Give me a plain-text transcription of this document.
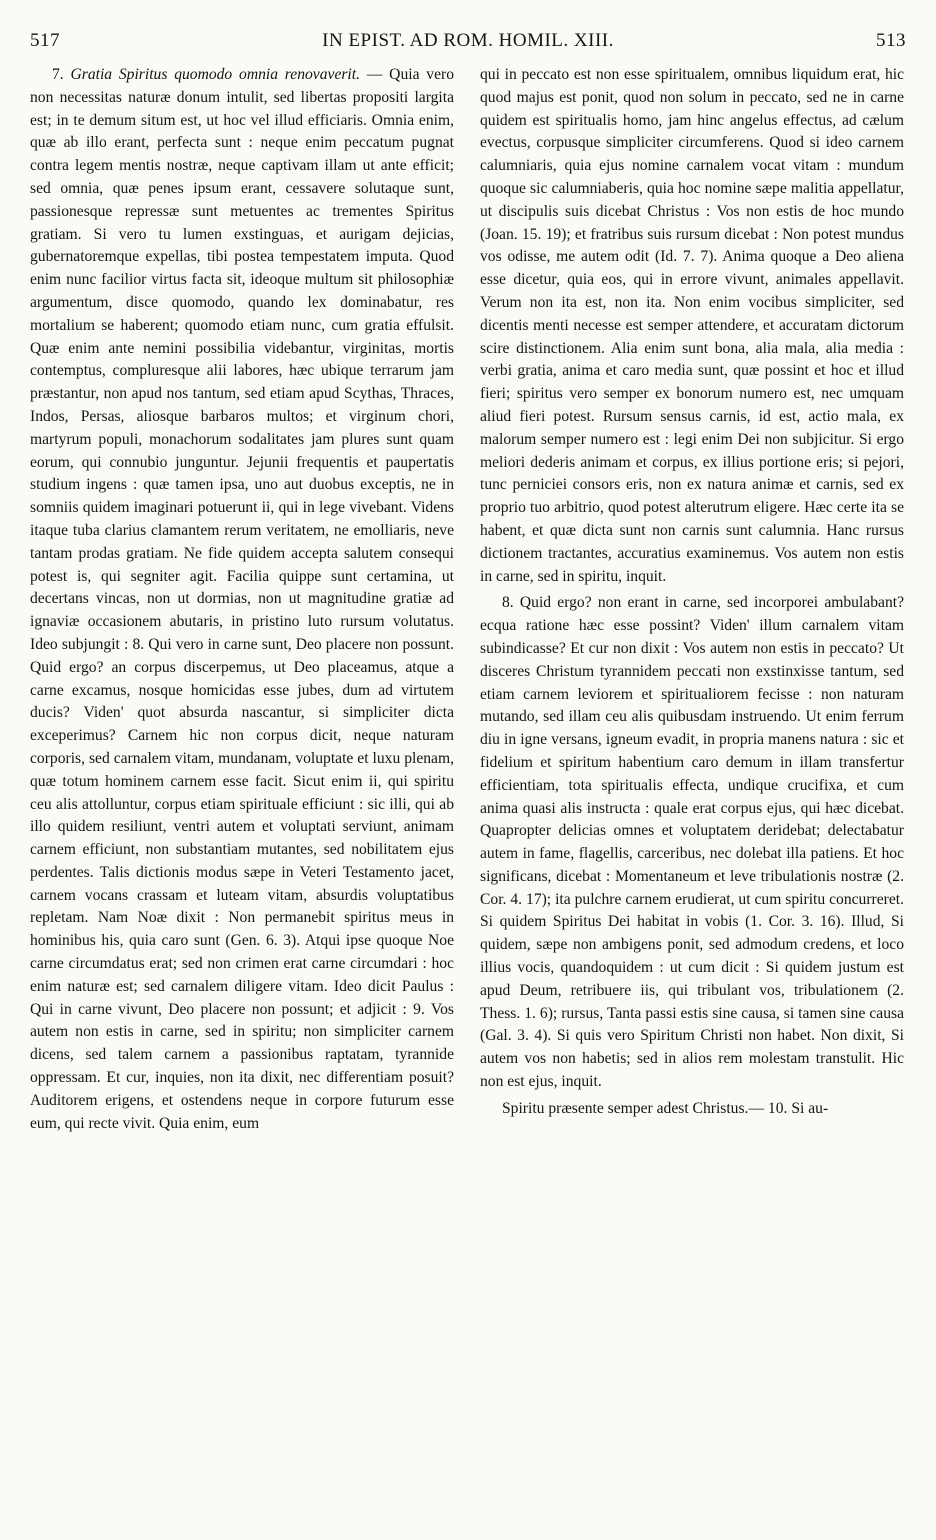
517	IN EPIST. AD ROM. HOMIL. XIII.	513

7. Gratia Spiritus quomodo omnia renovaverit. — Quia vero non necessitas naturæ donum intulit, sed libertas propositi largita est; in te demum situm est, ut hoc vel illud efficiaris. Omnia enim, quæ ab illo erant, perfecta sunt : neque enim peccatum pugnat contra legem mentis nostræ, neque captivam illam ut ante efficit; sed omnia, quæ penes ipsum erant, cessavere solutaque sunt, passionesque repressæ sunt metuentes ac trementes Spiritus gratiam. Si vero tu lumen exstinguas, et aurigam dejicias, gubernatoremque expellas, tibi postea tempestatem imputa. Quod enim nunc facilior virtus facta sit, ideoque multum sit philosophiæ argumentum, disce quomodo, quando lex dominabatur, res mortalium se haberent; quomodo etiam nunc, cum gratia effulsit. Quæ enim ante nemini possibilia videbantur, virginitas, mortis contemptus, compluresque alii labores, hæc ubique terrarum jam præstantur, non apud nos tantum, sed etiam apud Scythas, Thraces, Indos, Persas, aliosque barbaros multos; et virginum chori, martyrum populi, monachorum sodalitates jam plures sunt quam eorum, qui connubio junguntur. Jejunii frequentis et paupertatis studium ingens : quæ tamen ipsa, uno aut duobus exceptis, ne in somniis quidem imaginari potuerunt ii, qui in lege vivebant. Videns itaque tuba clarius clamantem rerum veritatem, ne emolliaris, neve tantam prodas gratiam. Ne fide quidem accepta salutem consequi potest is, qui segniter agit. Facilia quippe sunt certamina, ut decertans vincas, non ut dormias, non ut magnitudine gratiæ ad ignaviæ occasionem abutaris, in pristino luto rursum volutatus. Ideo subjungit : 8. Qui vero in carne sunt, Deo placere non possunt. Quid ergo? an corpus discerpemus, ut Deo placeamus, atque a carne excamus, nosque homicidas esse jubes, dum ad virtutem ducis? Viden' quot absurda nascantur, si simpliciter dicta exceperimus? Carnem hic non corpus dicit, neque naturam corporis, sed carnalem vitam, mundanam, voluptate et luxu plenam, quæ totum hominem carnem esse facit. Sicut enim ii, qui spiritu ceu alis attolluntur, corpus etiam spirituale efficiunt : sic illi, qui ab illo quidem resiliunt, ventri autem et voluptati serviunt, animam carnem efficiunt, non substantiam mutantes, sed nobilitatem ejus perdentes. Talis dictionis modus sæpe in Veteri Testamento jacet, carnem vocans crassam et luteam vitam, absurdis voluptatibus repletam. Nam Noæ dixit : Non permanebit spiritus meus in hominibus his, quia caro sunt (Gen. 6. 3). Atqui ipse quoque Noe carne circumdatus erat; sed non crimen erat carne circumdari : hoc enim naturæ est; sed carnalem diligere vitam. Ideo dicit Paulus : Qui in carne vivunt, Deo placere non possunt; et adjicit : 9. Vos autem non estis in carne, sed in spiritu; non simpliciter carnem dicens, sed talem carnem a passionibus raptatam, tyrannide oppressam. Et cur, inquies, non ita dixit, nec differentiam posuit? Auditorem erigens, et ostendens neque in corpore futurum esse eum, qui recte vivit. Quia enim, eum

qui in peccato est non esse spiritualem, omnibus liquidum erat, hic quod majus est ponit, quod non solum in peccato, sed ne in carne quidem est spiritualis homo, jam hinc angelus effectus, ad cælum evectus, corpusque simpliciter circumferens. Quod si ideo carnem calumniaris, quia ejus nomine carnalem vocat vitam : mundum quoque sic calumniaberis, quia hoc nomine sæpe malitia appellatur, ut discipulis suis dicebat Christus : Vos non estis de hoc mundo (Joan. 15. 19); et fratribus suis rursum dicebat : Non potest mundus vos odisse, me autem odit (Id. 7. 7). Anima quoque a Deo aliena esse dicetur, quia eos, qui in errore vivunt, animales appellavit. Verum non ita est, non ita. Non enim vocibus simpliciter, sed dicentis menti necesse est semper attendere, et accuratam dictorum scire distinctionem. Alia enim sunt bona, alia mala, alia media : verbi gratia, anima et caro media sunt, quæ possint et hoc et illud fieri; spiritus vero semper ex bonorum numero est, nec umquam aliud fieri potest. Rursum sensus carnis, id est, actio mala, ex malorum semper numero est : legi enim Dei non subjicitur. Si ergo meliori dederis animam et corpus, ex illius portione eris; si pejori, tunc perniciei consors eris, non ex natura animæ et carnis, sed ex proprio tuo arbitrio, quod potest alterutrum eligere. Hæc certe ita se habent, et quæ dicta sunt non carnis sunt calumnia. Hanc rursus dictionem tractantes, accuratius examinemus. Vos autem non estis in carne, sed in spiritu, inquit.

8. Quid ergo? non erant in carne, sed incorporei ambulabant? ecqua ratione hæc esse possint? Viden' illum carnalem vitam subindicasse? Et cur non dixit : Vos autem non estis in peccato? Ut disceres Christum tyrannidem peccati non exstinxisse tantum, sed etiam carnem leviorem et spiritualiorem fecisse : non naturam mutando, sed illam ceu alis quibusdam instruendo. Ut enim ferrum diu in igne versans, igneum evadit, in propria manens natura : sic et fidelium et spiritum habentium caro demum in illam transfertur efficientiam, tota spiritualis effecta, undique crucifixa, et cum anima quasi alis instructa : quale erat corpus ejus, qui hæc dicebat. Quapropter delicias omnes et voluptatem deridebat; delectabatur autem in fame, flagellis, carceribus, nec dolebat illa patiens. Et hoc significans, dicebat : Momentaneum et leve tribulationis nostræ (2. Cor. 4. 17); ita pulchre carnem erudierat, ut cum spiritu concurreret. Si quidem Spiritus Dei habitat in vobis (1. Cor. 3. 16). Illud, Si quidem, sæpe non ambigens ponit, sed admodum credens, et loco illius vocis, quandoquidem : ut cum dicit : Si quidem justum est apud Deum, retribuere iis, qui tribulant vos, tribulationem (2. Thess. 1. 6); rursus, Tanta passi estis sine causa, si tamen sine causa (Gal. 3. 4). Si quis vero Spiritum Christi non habet. Non dixit, Si autem vos non habetis; sed in alios rem molestam transtulit. Hic non est ejus, inquit.

Spiritu præsente semper adest Christus.— 10. Si au-
